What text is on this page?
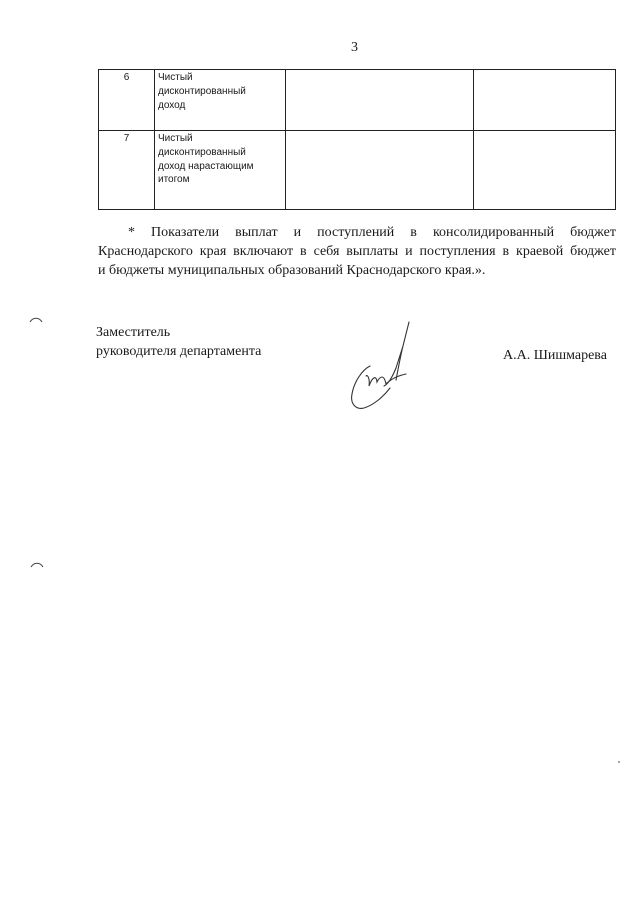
3
6	Чистый
дисконтированный
доход		

7	Чистый
дисконтированный
доход нарастающим
итогом		

* Показатели выплат и поступлений в консолидированный бюджет
Краснодарского края включают в себя выплаты и поступления в краевой бюджет
и бюджеты муниципальных образований Краснодарского края.».
Заместитель
руководителя департамента	А.А. Шишмарева
